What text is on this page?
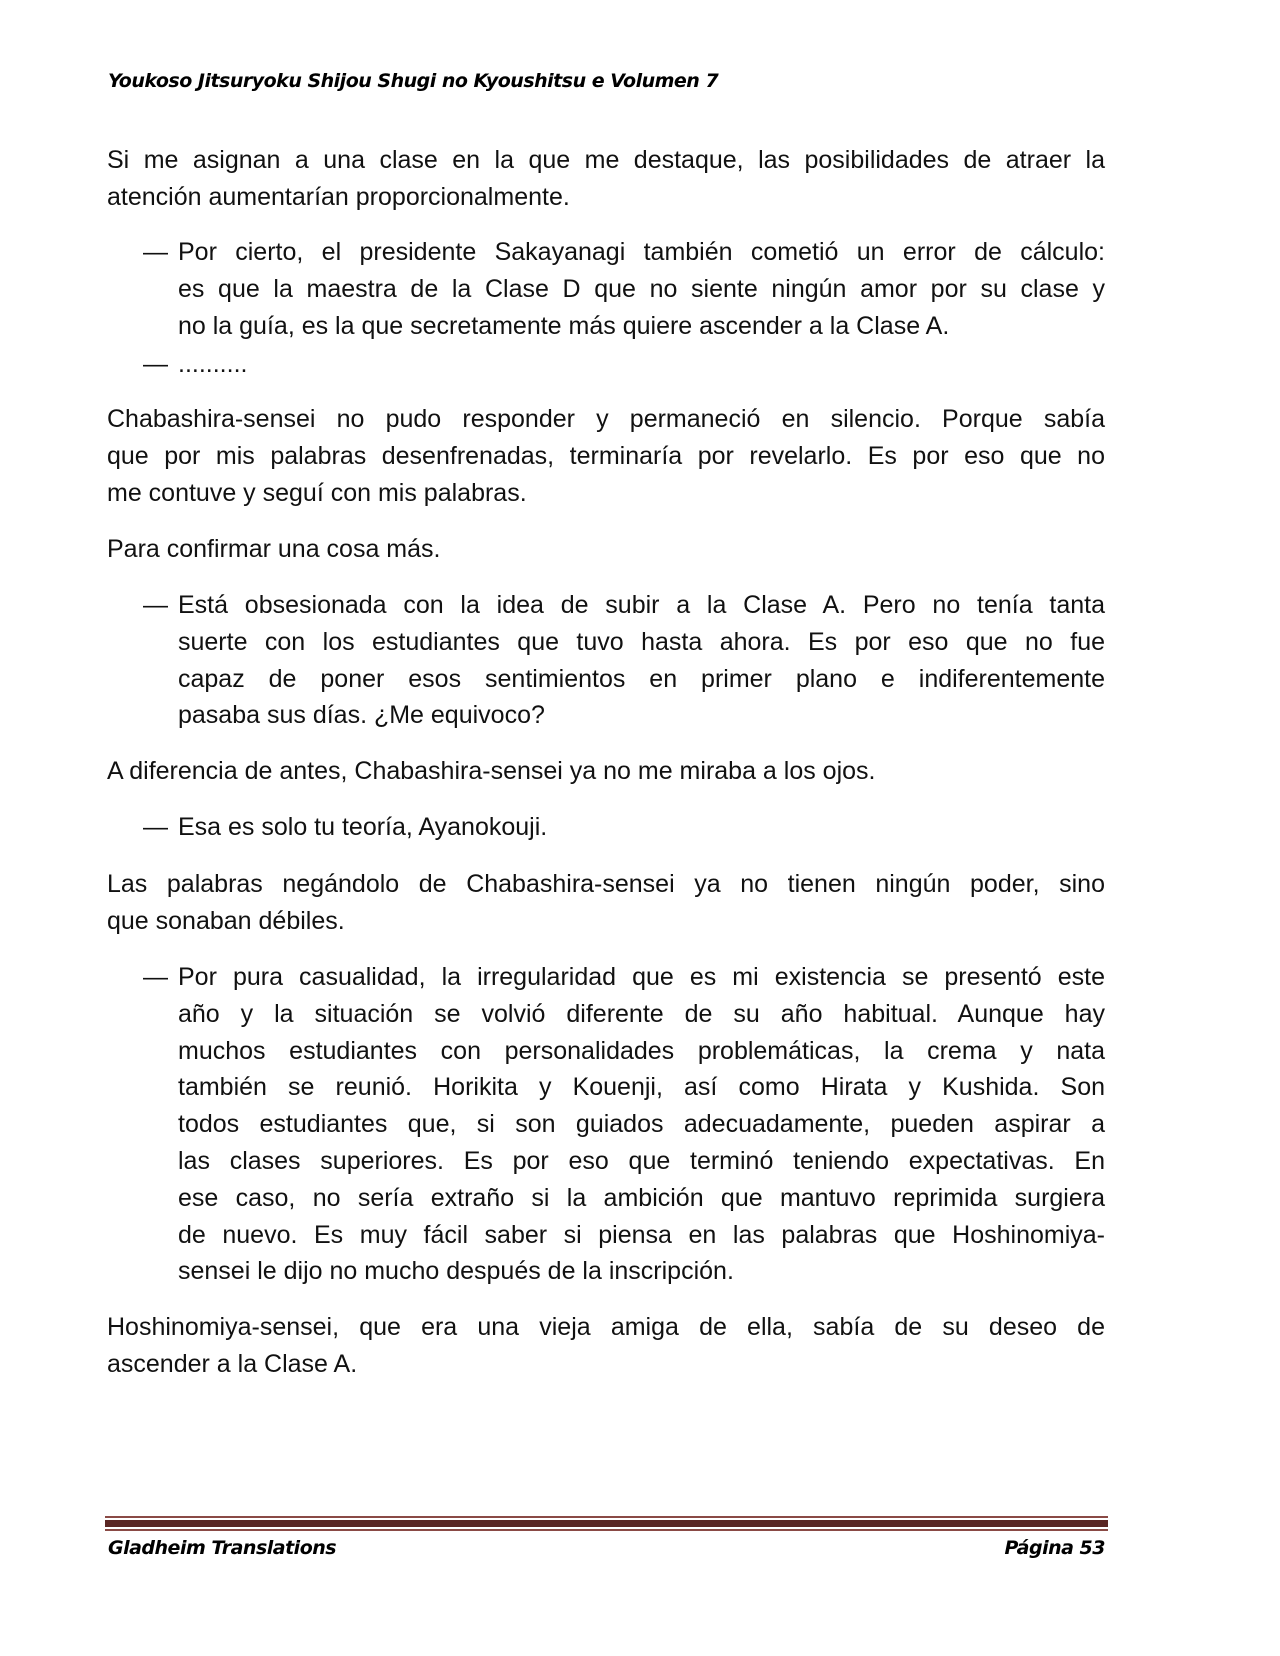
Youkoso Jitsuryoku Shijou Shugi no Kyoushitsu e Volumen 7
Si me asignan a una clase en la que me destaque, las posibilidades de atraer la
atención aumentarían proporcionalmente.
— Por cierto, el presidente Sakayanagi también cometió un error de cálculo:
es que la maestra de la Clase D que no siente ningún amor por su clase y
no la guía, es la que secretamente más quiere ascender a la Clase A.
— ..........
Chabashira-sensei no pudo responder y permaneció en silencio. Porque sabía
que por mis palabras desenfrenadas, terminaría por revelarlo. Es por eso que no
me contuve y seguí con mis palabras.
Para confirmar una cosa más.
— Está obsesionada con la idea de subir a la Clase A. Pero no tenía tanta
suerte con los estudiantes que tuvo hasta ahora. Es por eso que no fue
capaz de poner esos sentimientos en primer plano e indiferentemente
pasaba sus días. ¿Me equivoco?
A diferencia de antes, Chabashira-sensei ya no me miraba a los ojos.
— Esa es solo tu teoría, Ayanokouji.
Las palabras negándolo de Chabashira-sensei ya no tienen ningún poder, sino
que sonaban débiles.
— Por pura casualidad, la irregularidad que es mi existencia se presentó este
año y la situación se volvió diferente de su año habitual. Aunque hay
muchos estudiantes con personalidades problemáticas, la crema y nata
también se reunió. Horikita y Kouenji, así como Hirata y Kushida. Son
todos estudiantes que, si son guiados adecuadamente, pueden aspirar a
las clases superiores. Es por eso que terminó teniendo expectativas. En
ese caso, no sería extraño si la ambición que mantuvo reprimida surgiera
de nuevo. Es muy fácil saber si piensa en las palabras que Hoshinomiya-
sensei le dijo no mucho después de la inscripción.
Hoshinomiya-sensei, que era una vieja amiga de ella, sabía de su deseo de
ascender a la Clase A.
Gladheim Translations	Página 53
